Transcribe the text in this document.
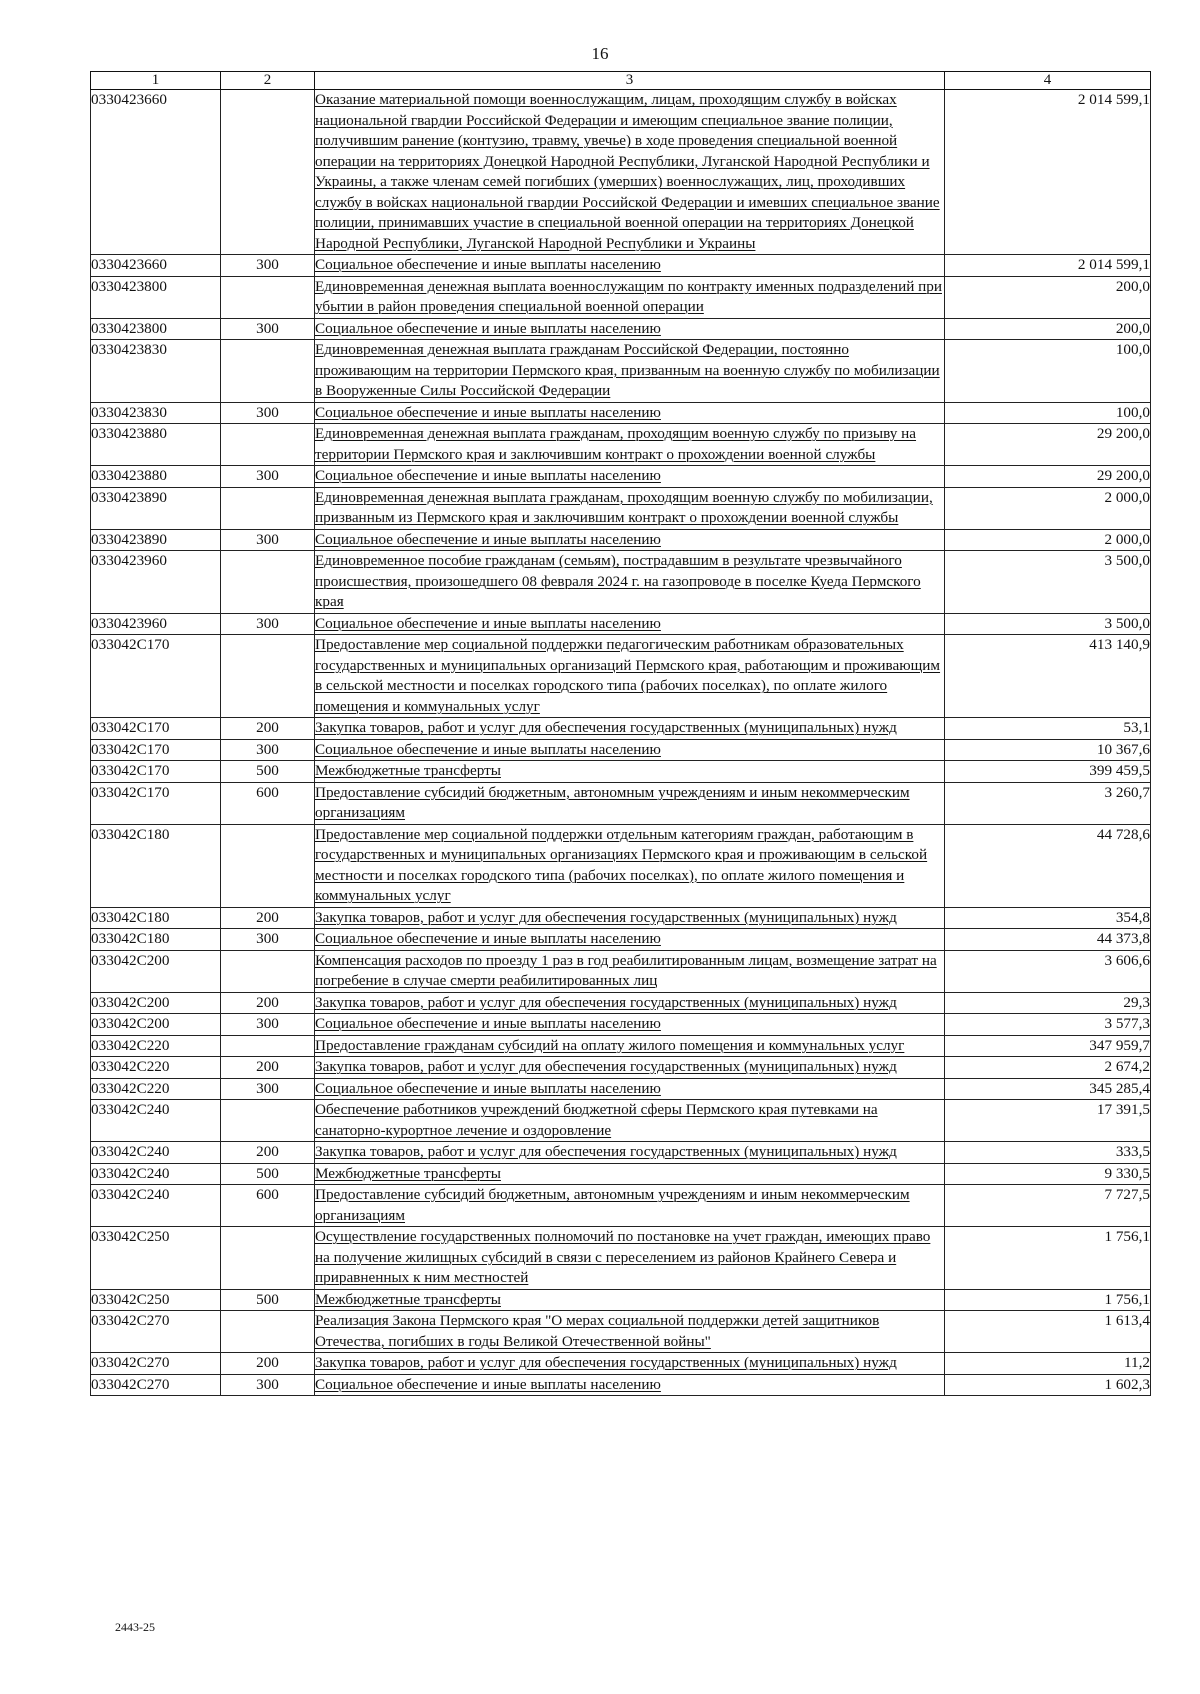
16
1	2	3	4
0330423660		Оказание материальной помощи военнослужащим, лицам, проходящим службу в войсках национальной гвардии Российской Федерации и имеющим специальное звание полиции, получившим ранение (контузию, травму, увечье) в ходе проведения специальной военной операции на территориях Донецкой Народной Республики, Луганской Народной Республики и Украины, а также членам семей погибших (умерших) военнослужащих, лиц, проходивших службу в войсках национальной гвардии Российской Федерации и имевших специальное звание полиции, принимавших участие в специальной военной операции на территориях Донецкой Народной Республики, Луганской Народной Республики и Украины	2 014 599,1
0330423660	300	Социальное обеспечение и иные выплаты населению	2 014 599,1
0330423800		Единовременная денежная выплата военнослужащим по контракту именных подразделений при убытии в район проведения специальной военной операции	200,0
0330423800	300	Социальное обеспечение и иные выплаты населению	200,0
0330423830		Единовременная денежная выплата гражданам Российской Федерации, постоянно проживающим на территории Пермского края, призванным на военную службу по мобилизации в Вооруженные Силы Российской Федерации	100,0
0330423830	300	Социальное обеспечение и иные выплаты населению	100,0
0330423880		Единовременная денежная выплата гражданам, проходящим военную службу по призыву на территории Пермского края и заключившим контракт о прохождении военной службы	29 200,0
0330423880	300	Социальное обеспечение и иные выплаты населению	29 200,0
0330423890		Единовременная денежная выплата гражданам, проходящим военную службу по мобилизации, призванным из Пермского края и заключившим контракт о прохождении военной службы	2 000,0
0330423890	300	Социальное обеспечение и иные выплаты населению	2 000,0
0330423960		Единовременное пособие гражданам (семьям), пострадавшим в результате чрезвычайного происшествия, произошедшего 08 февраля 2024 г. на газопроводе в поселке Куеда Пермского края	3 500,0
0330423960	300	Социальное обеспечение и иные выплаты населению	3 500,0
033042С170		Предоставление мер социальной поддержки педагогическим работникам образовательных государственных и муниципальных организаций Пермского края, работающим и проживающим в сельской местности и поселках городского типа (рабочих поселках), по оплате жилого помещения и коммунальных услуг	413 140,9
033042С170	200	Закупка товаров, работ и услуг для обеспечения государственных (муниципальных) нужд	53,1
033042С170	300	Социальное обеспечение и иные выплаты населению	10 367,6
033042С170	500	Межбюджетные трансферты	399 459,5
033042С170	600	Предоставление субсидий бюджетным, автономным учреждениям и иным некоммерческим организациям	3 260,7
033042С180		Предоставление мер социальной поддержки отдельным категориям граждан, работающим в государственных и муниципальных организациях Пермского края и проживающим в сельской местности и поселках городского типа (рабочих поселках), по оплате жилого помещения и коммунальных услуг	44 728,6
033042С180	200	Закупка товаров, работ и услуг для обеспечения государственных (муниципальных) нужд	354,8
033042С180	300	Социальное обеспечение и иные выплаты населению	44 373,8
033042С200		Компенсация расходов по проезду 1 раз в год реабилитированным лицам, возмещение затрат на погребение в случае смерти реабилитированных лиц	3 606,6
033042С200	200	Закупка товаров, работ и услуг для обеспечения государственных (муниципальных) нужд	29,3
033042С200	300	Социальное обеспечение и иные выплаты населению	3 577,3
033042С220		Предоставление гражданам субсидий на оплату жилого помещения и коммунальных услуг	347 959,7
033042С220	200	Закупка товаров, работ и услуг для обеспечения государственных (муниципальных) нужд	2 674,2
033042С220	300	Социальное обеспечение и иные выплаты населению	345 285,4
033042С240		Обеспечение работников учреждений бюджетной сферы Пермского края путевками на санаторно-курортное лечение и оздоровление	17 391,5
033042С240	200	Закупка товаров, работ и услуг для обеспечения государственных (муниципальных) нужд	333,5
033042С240	500	Межбюджетные трансферты	9 330,5
033042С240	600	Предоставление субсидий бюджетным, автономным учреждениям и иным некоммерческим организациям	7 727,5
033042С250		Осуществление государственных полномочий по постановке на учет граждан, имеющих право на получение жилищных субсидий в связи с переселением из районов Крайнего Севера и приравненных к ним местностей	1 756,1
033042С250	500	Межбюджетные трансферты	1 756,1
033042С270		Реализация Закона Пермского края "О мерах социальной поддержки детей защитников Отечества, погибших в годы Великой Отечественной войны"	1 613,4
033042С270	200	Закупка товаров, работ и услуг для обеспечения государственных (муниципальных) нужд	11,2
033042С270	300	Социальное обеспечение и иные выплаты населению	1 602,3
2443-25
